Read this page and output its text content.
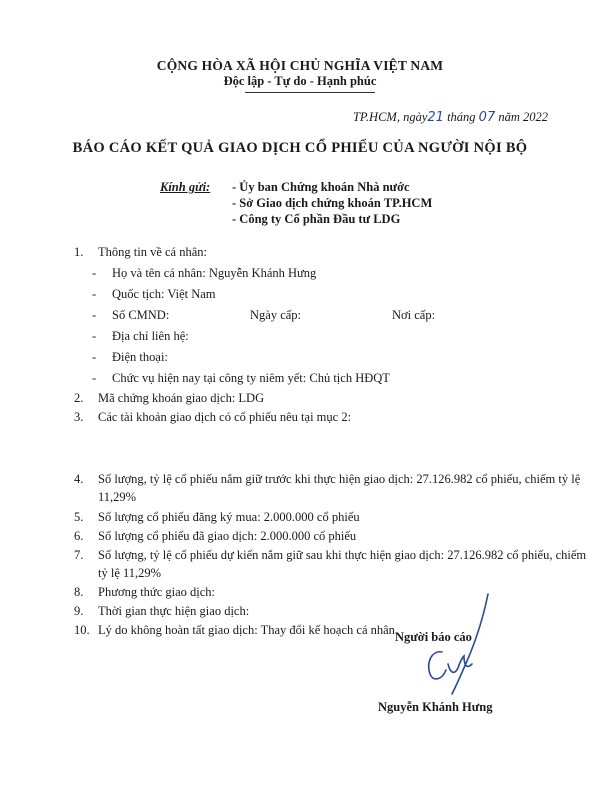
CỘNG HÒA XÃ HỘI CHỦ NGHĨA VIỆT NAM
Độc lập - Tự do - Hạnh phúc
TP.HCM, ngày21 tháng 07 năm 2022
BÁO CÁO KẾT QUẢ GIAO DỊCH CỔ PHIẾU CỦA NGƯỜI NỘI BỘ
Kính gửi: - Ủy ban Chứng khoán Nhà nước
- Sở Giao dịch chứng khoán TP.HCM
- Công ty Cổ phần Đầu tư LDG
1. Thông tin về cá nhân:
- Họ và tên cá nhân: Nguyễn Khánh Hưng
- Quốc tịch: Việt Nam
- Số CMND:	Ngày cấp:	Nơi cấp:
- Địa chỉ liên hệ:
- Điện thoại:
- Chức vụ hiện nay tại công ty niêm yết: Chủ tịch HĐQT
2. Mã chứng khoán giao dịch: LDG
3. Các tài khoản giao dịch có cổ phiếu nêu tại mục 2:
4. Số lượng, tỷ lệ cổ phiếu nắm giữ trước khi thực hiện giao dịch: 27.126.982 cổ phiếu, chiếm tỷ lệ
11,29%
5. Số lượng cổ phiếu đăng ký mua: 2.000.000 cổ phiếu
6. Số lượng cổ phiếu đã giao dịch: 2.000.000 cổ phiếu
7. Số lượng, tỷ lệ cổ phiếu dự kiến nắm giữ sau khi thực hiện giao dịch: 27.126.982 cổ phiếu, chiếm
tỷ lệ 11,29%
8. Phương thức giao dịch:
9. Thời gian thực hiện giao dịch:
10. Lý do không hoàn tất giao dịch: Thay đổi kế hoạch cá nhân.
Người báo cáo
Nguyễn Khánh Hưng
